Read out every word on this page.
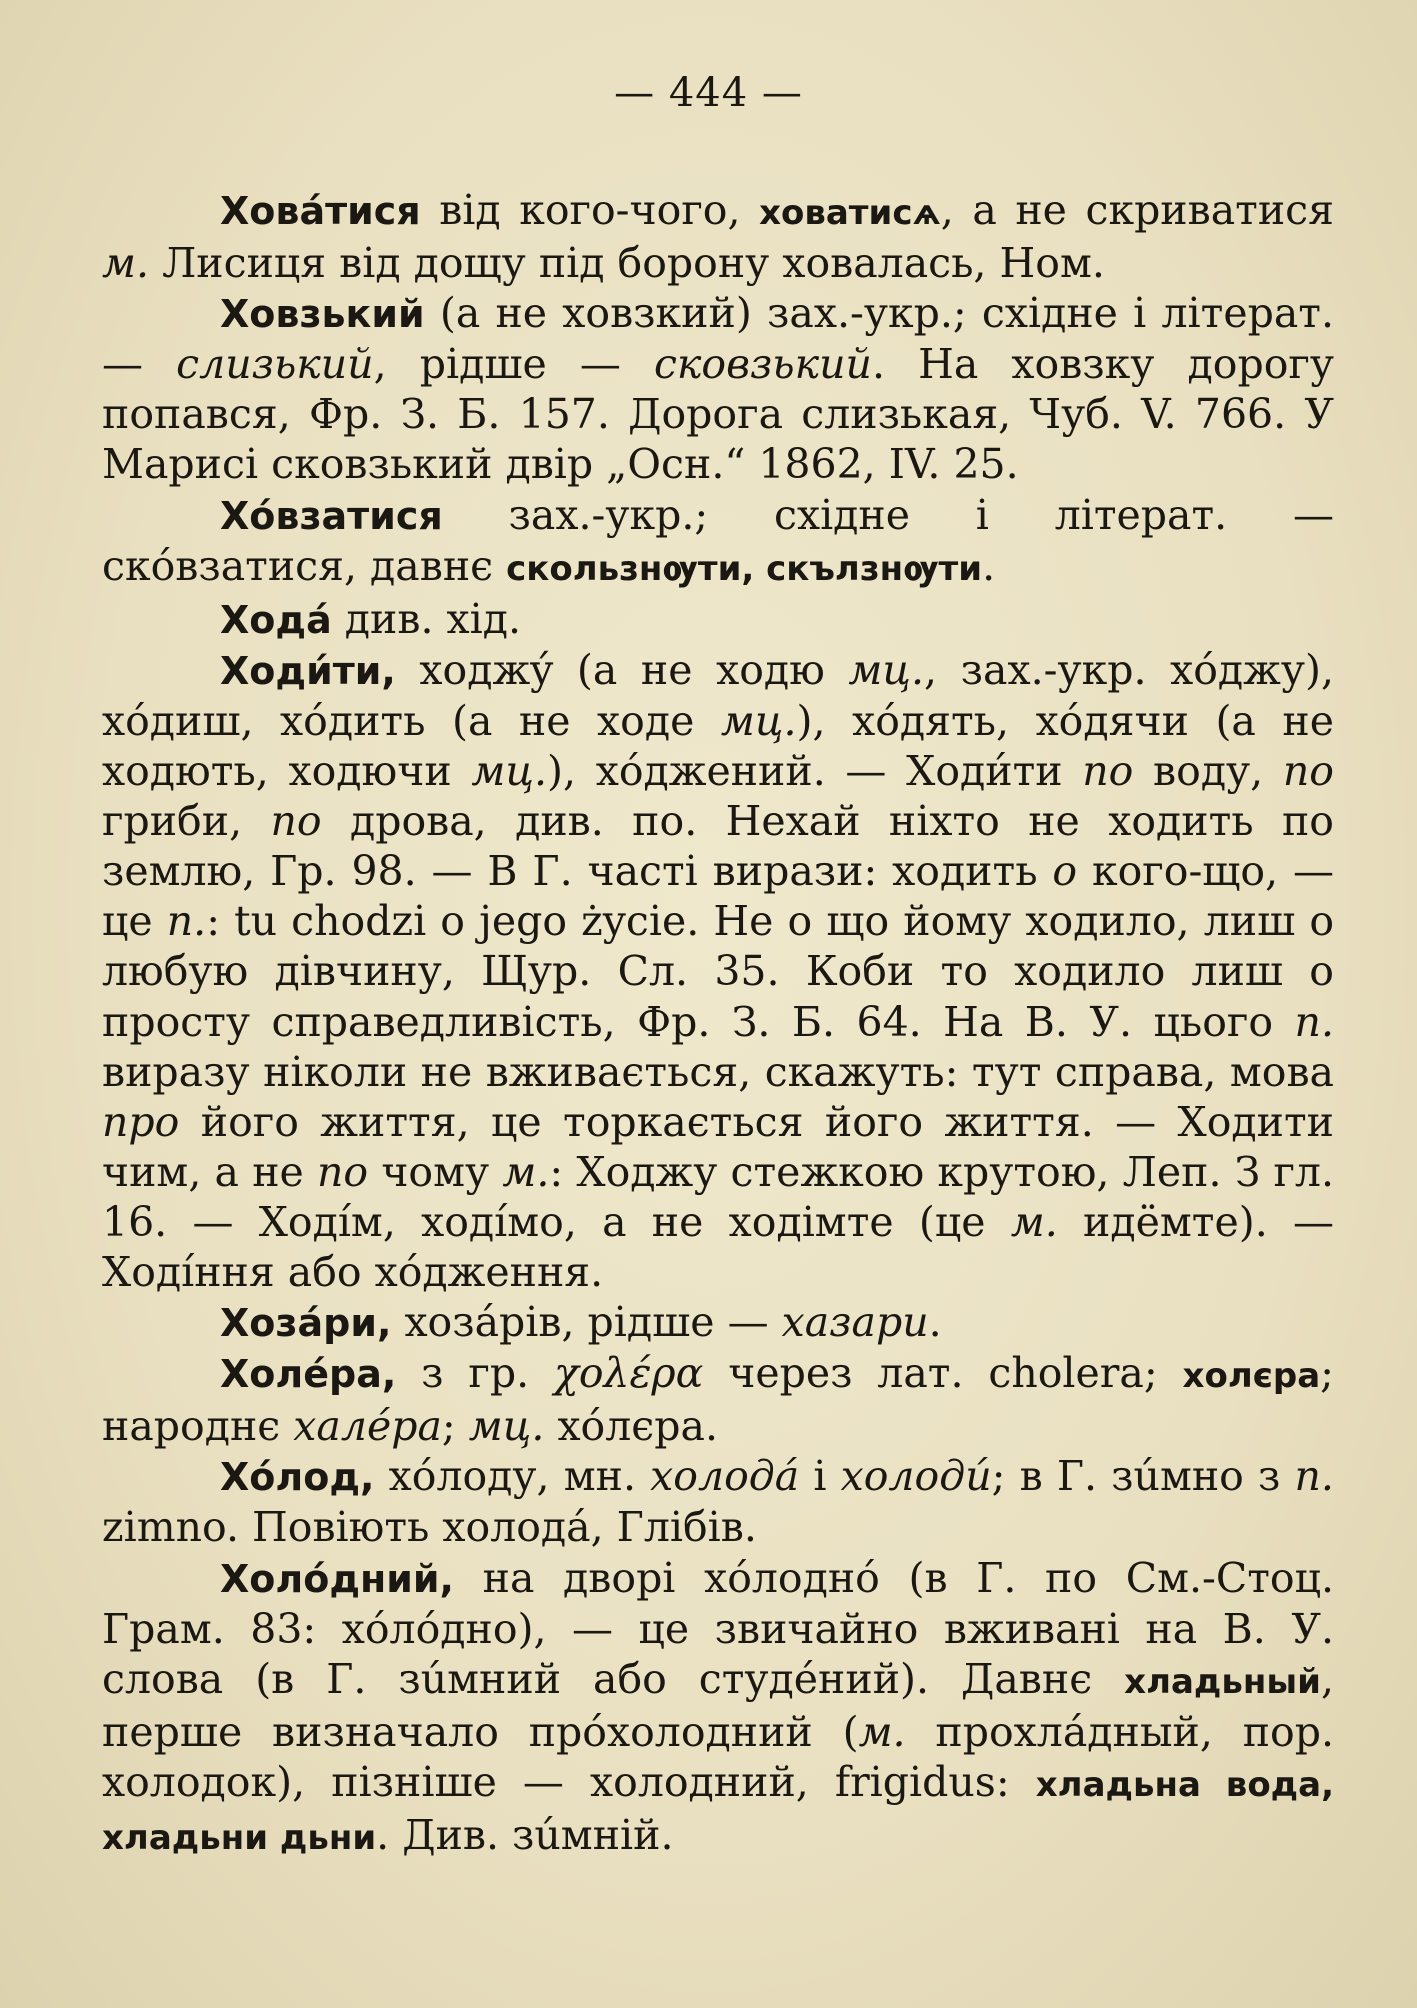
— 444 —

Ховáтися від кого-чого, ховатисѧ, а не скриватися м. Лисиця від дощу під борону ховалась, Ном.

Ховзький (а не ховзкий) зах.-укр.; східне і літерат. — слизький, рідше — сковзький. На ховзку дорогу попався, Фр. З. Б. 157. Дорога слизькая, Чуб. V. 766. У Марисі сковзький двір „Осн.“ 1862, IV. 25.

Хóвзатися зах.-укр.; східне і літерат. — скóвзатися, давнє скользнѹти, скълзнѹти.

Ходá див. хід.

Ходи́ти, ходжý (а не ходю мц., зах.-укр. хóджу), хóдиш, хóдить (а не ходе мц.), хóдять, хóдячи (а не ходють, ходючи мц.), хóджений. — Ходи́ти по воду, по гриби, по дрова, див. по. Нехай ніхто не ходить по землю, Гр. 98. — В Г. часті вирази: ходить о кого-що, — це п.: tu chodzi o jego życie. Не о що йому ходило, лиш о любую дівчину, Щур. Сл. 35. Коби то ходило лиш о просту справедливість, Фр. З. Б. 64. На В. У. цього п. виразу ніколи не вживається, скажуть: тут справа, мова про його життя, це торкається його життя. — Ходити чим, а не по чому м.: Ходжу стежкою крутою, Леп. З гл. 16. — Ходíм, ходíмо, а не ходімте (це м. идёмте). — Ходíння або хóдження.

Хозáри, хозáрів, рідше — хазари.

Холéра, з гр. χολέρα через лат. cholera; холєра; народнє халéра; мц. хóлєра.

Хóлод, хóлоду, мн. холодá і холоди́; в Г. зúмно з п. zimno. Повіють холодá, Глібів.

Холóдний, на дворі хóлоднó (в Г. по См.-Стоц. Грам. 83: хóлóдно), — це звичайно вживані на В. У. слова (в Г. зúмний або студéний). Давнє хладьный, перше визначало прóхолодний (м. прохлáдный, пор. холодок), пізніше — холодний, frigidus: хладьна вода, хладьни дьни. Див. зúмній.
